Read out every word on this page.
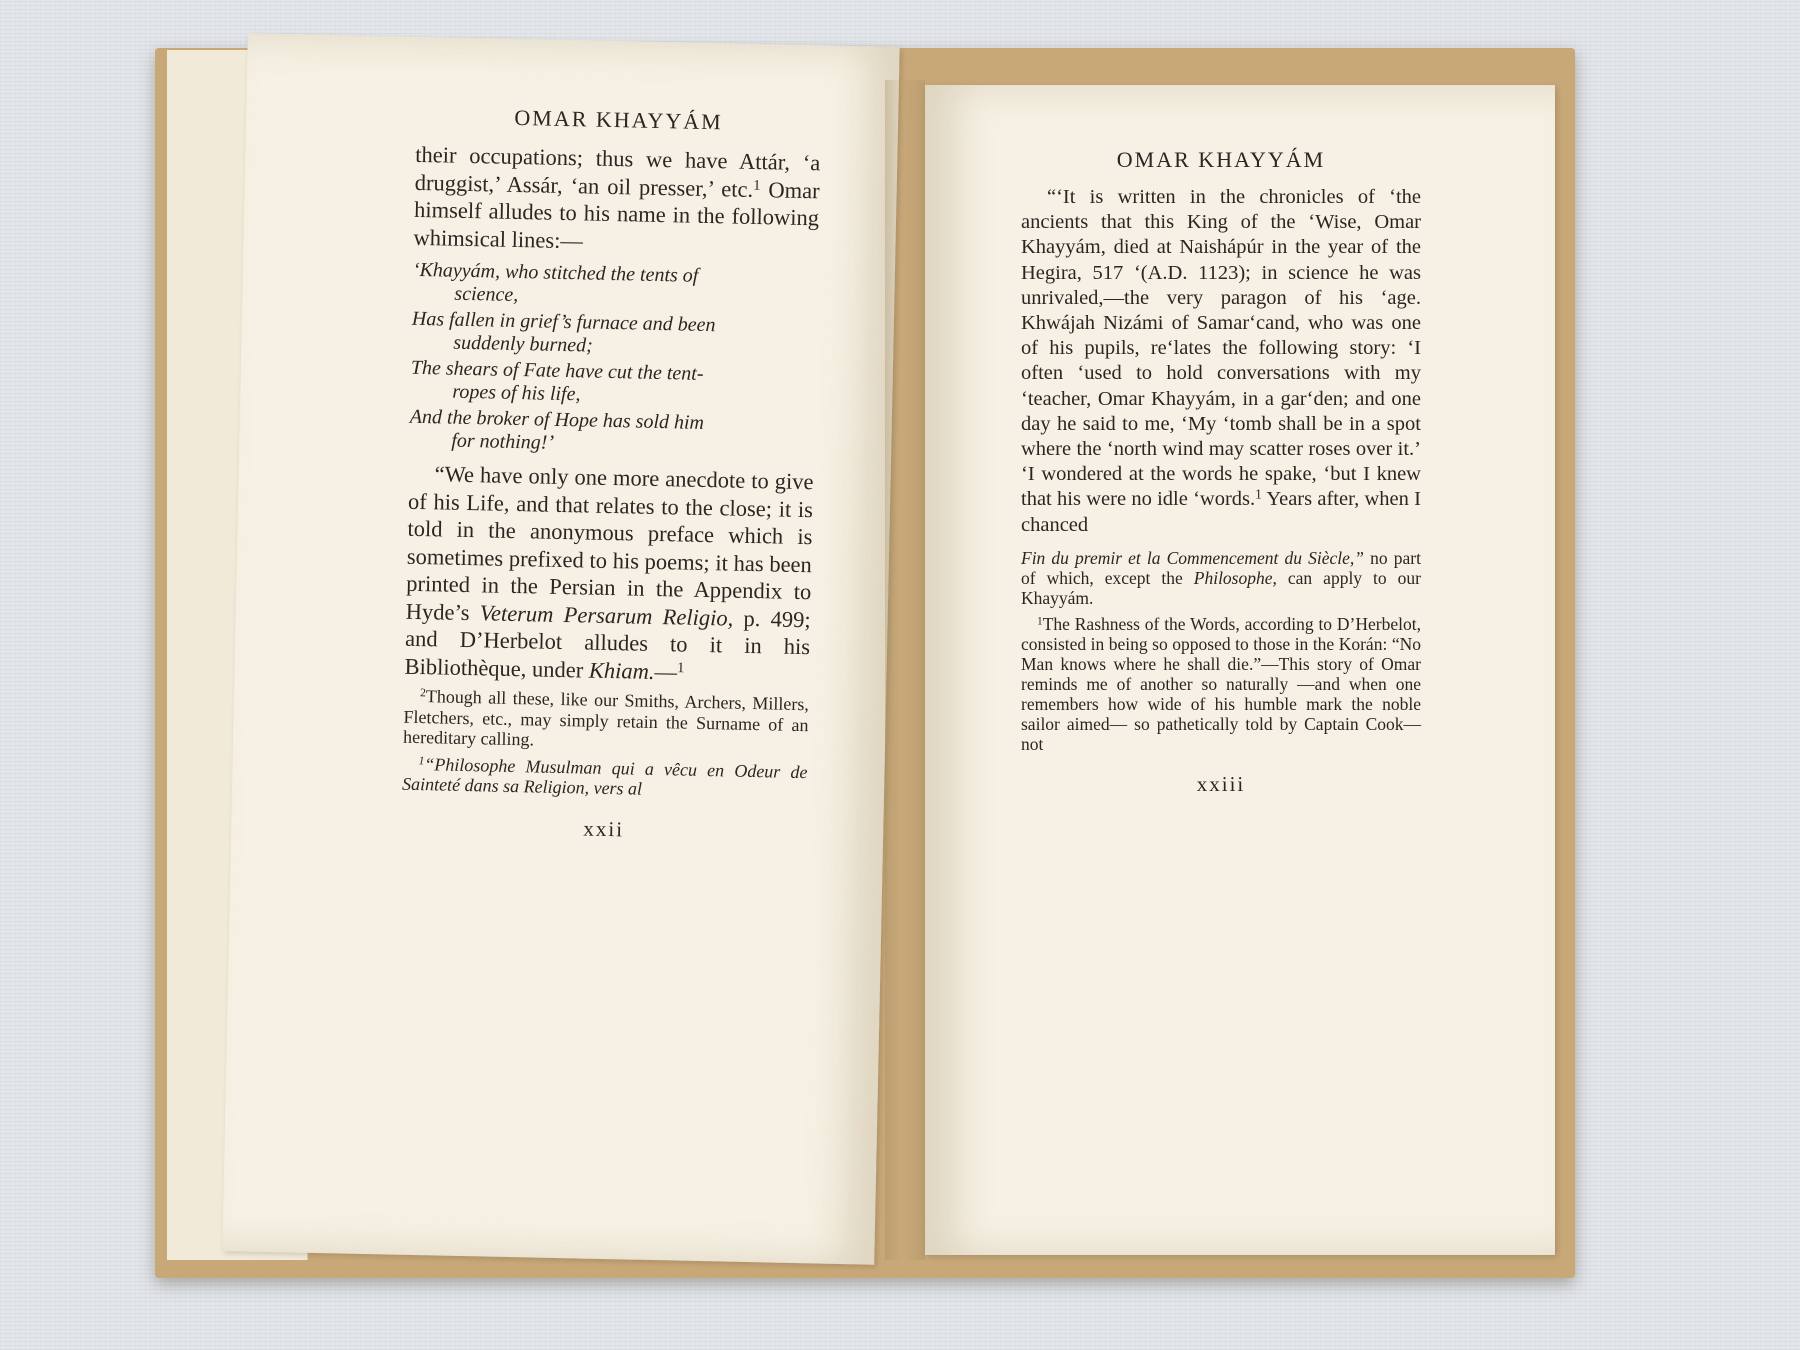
OMAR KHAYYÁM

their occupations; thus we have Attár, ‘a druggist,’ Assár, ‘an oil presser,’ etc.$^1$ Omar himself alludes to his name in the following whimsical lines:—

‘Khayyám, who stitched the tents of
science,

Has fallen in grief’s furnace and been
suddenly burned;

The shears of Fate have cut the tent-
ropes of his life,

And the broker of Hope has sold him
for nothing!’

“We have only one more anecdote to give of his Life, and that relates to the close; it is told in the anonymous preface which is sometimes prefixed to his poems; it has been printed in the Persian in the Appendix to Hyde’s Veterum Persarum Religio, p. 499; and D’Herbelot alludes to it in his Bibliothèque, under Khiam.—$^1$

$^2$Though all these, like our Smiths, Archers, Millers, Fletchers, etc., may simply retain the Surname of an hereditary calling.

$^1$“Philosophe Musulman qui a vêcu en Odeur de Sainteté dans sa Religion, vers al

xxii
OMAR KHAYYÁM

“‘It is written in the chronicles of ‘the ancients that this King of the ‘Wise, Omar Khayyám, died at Naishápúr in the year of the Hegira, 517 ‘(A.D. 1123); in science he was unrivaled,—the very paragon of his ‘age. Khwájah Nizámi of Samar‘cand, who was one of his pupils, re‘lates the following story: ‘I often ‘used to hold conversations with my ‘teacher, Omar Khayyám, in a gar‘den; and one day he said to me, ‘My ‘tomb shall be in a spot where the ‘north wind may scatter roses over it.’ ‘I wondered at the words he spake, ‘but I knew that his were no idle ‘words.$^1$ Years after, when I chanced

Fin du premir et la Commencement du Siècle,” no part of which, except the Philosophe, can apply to our Khayyám.

$^1$The Rashness of the Words, according to D’Herbelot, consisted in being so opposed to those in the Korán: “No Man knows where he shall die.”—This story of Omar reminds me of another so naturally —and when one remembers how wide of his humble mark the noble sailor aimed— so pathetically told by Captain Cook—not

xxiii
